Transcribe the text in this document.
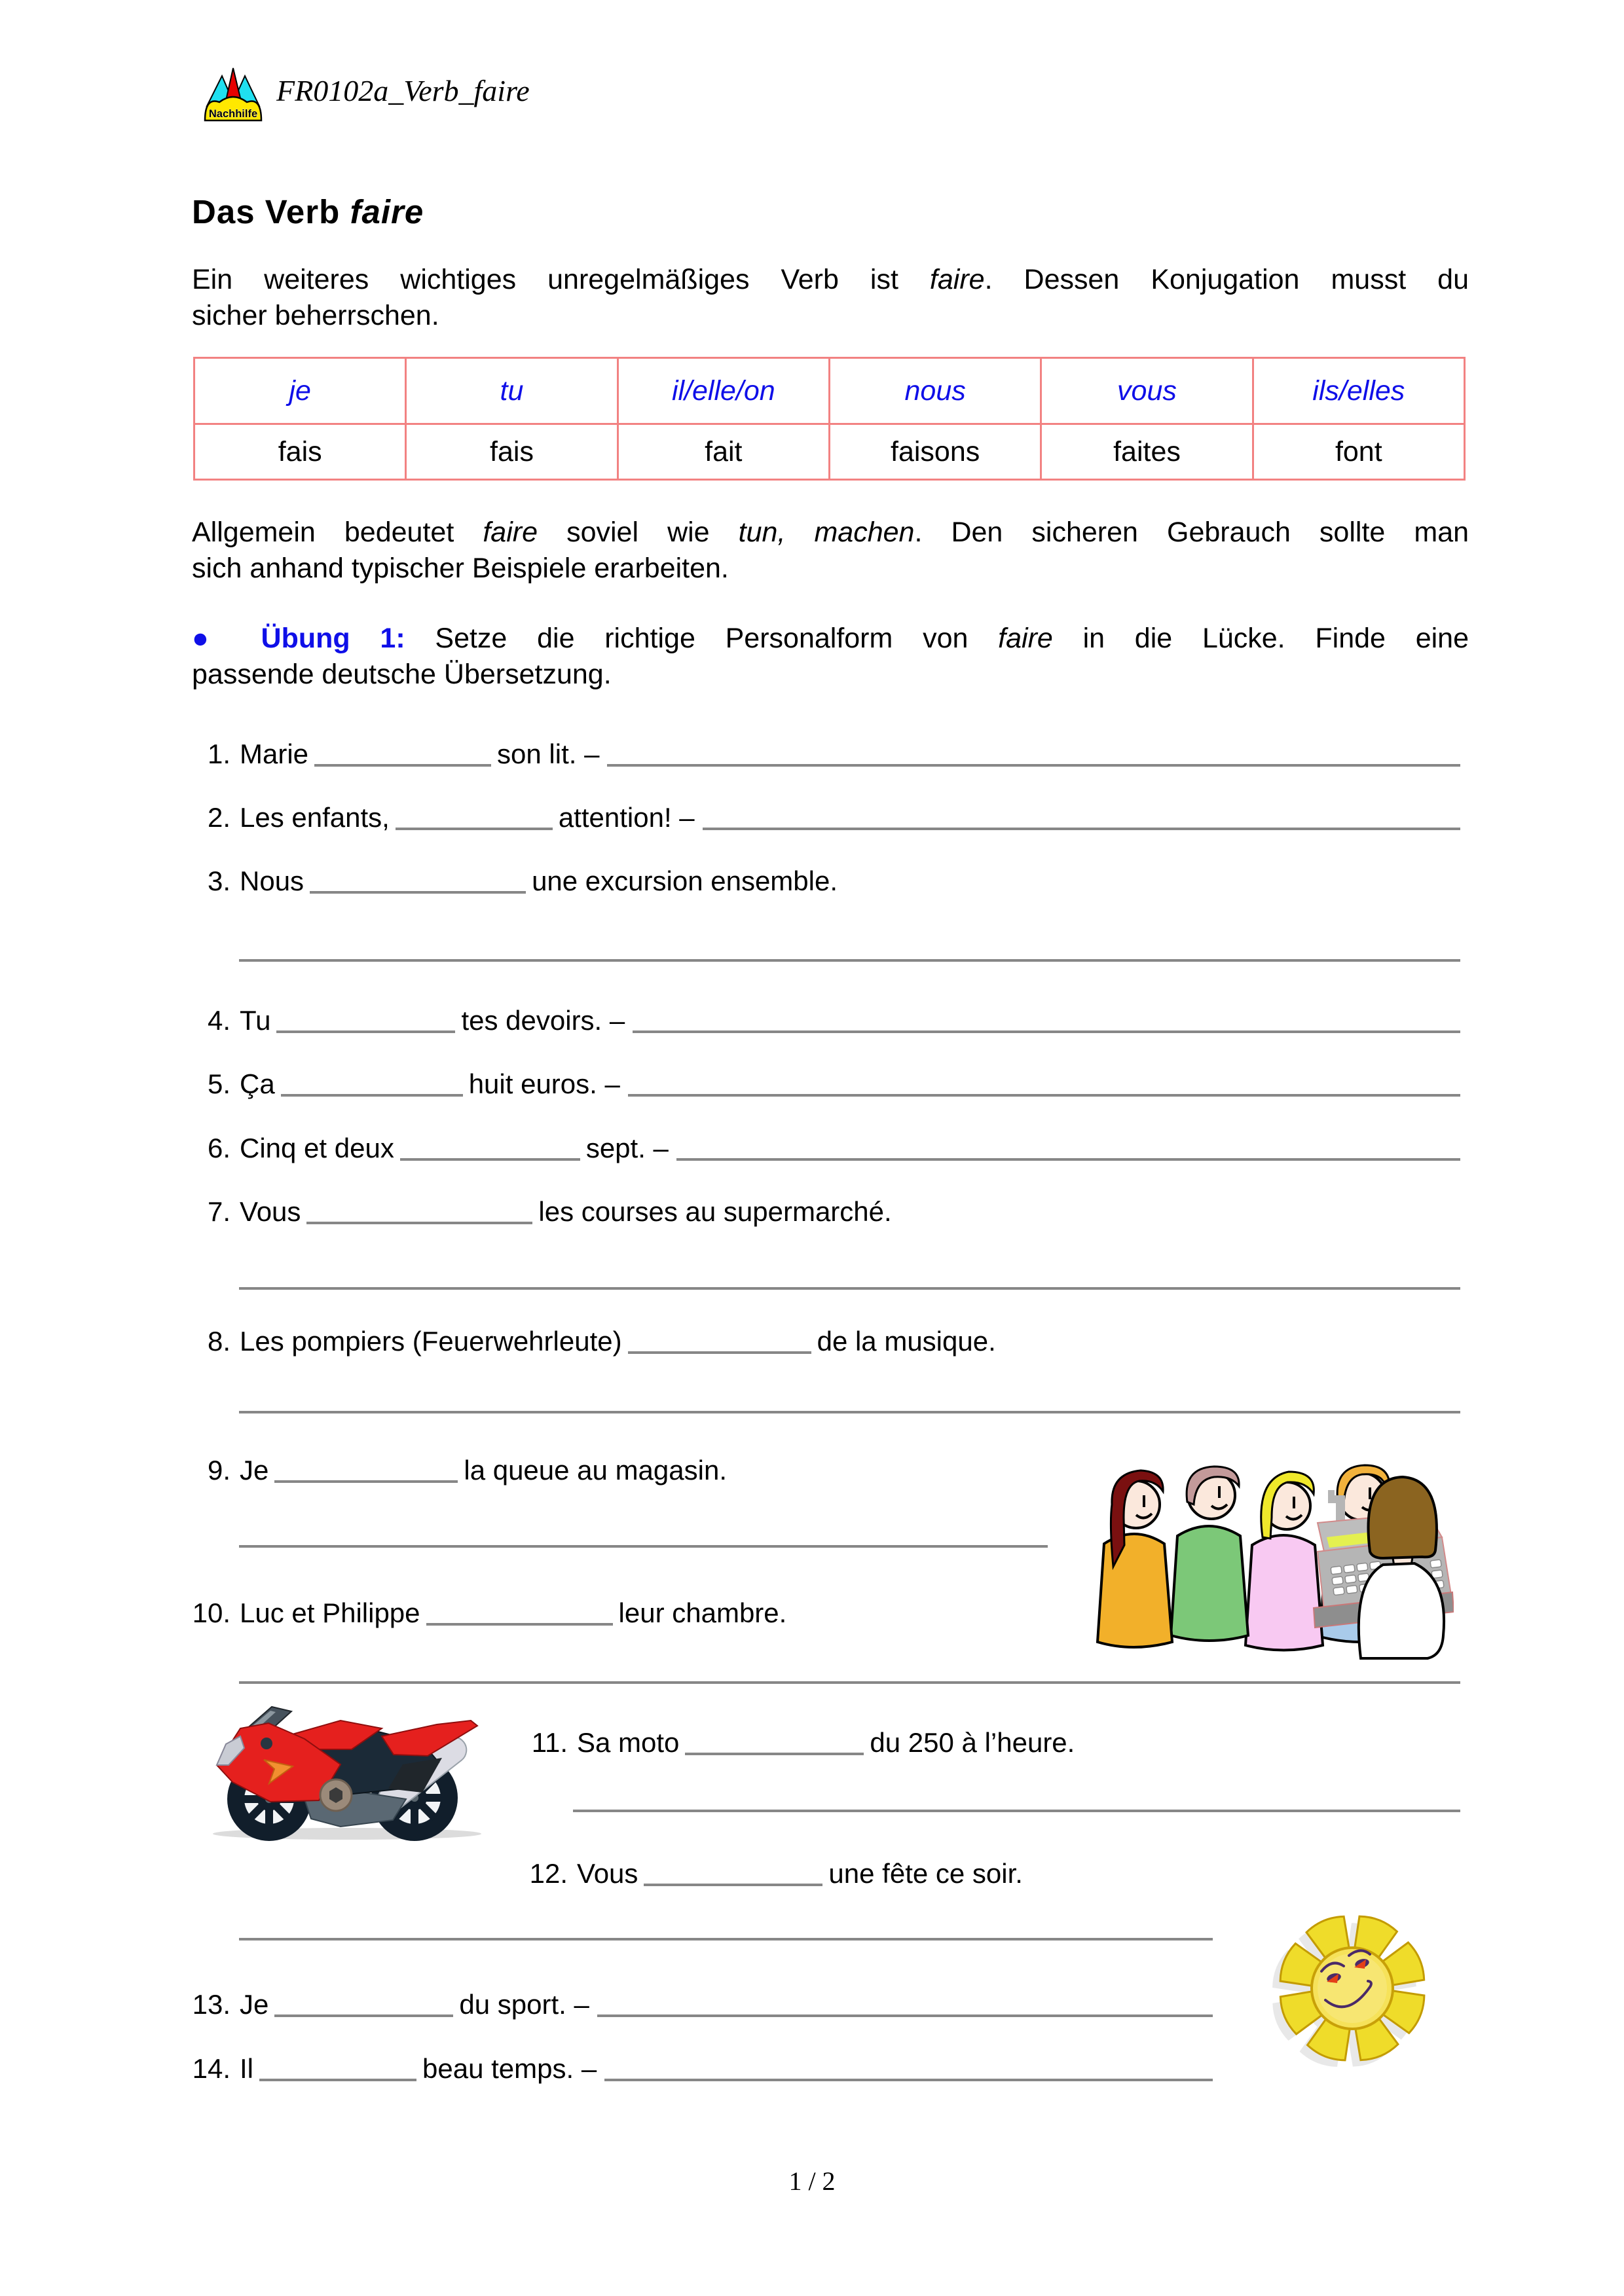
Nachhilfe
FR0102a_Verb_faire
Das Verb faire
Ein weiteres wichtiges unregelmäßiges Verb ist faire. Dessen Konjugation musst du
sicher beherrschen.
je	tu	il/elle/on	nous	vous	ils/elles
fais	fais	fait	faisons	faites	font
Allgemein bedeutet faire soviel wie tun, machen. Den sicheren Gebrauch sollte man
sich anhand typischer Beispiele erarbeiten.
● Übung 1: Setze die richtige Personalform von faire in die Lücke. Finde eine
passende deutsche Übersetzung.
1. Marie	son lit. –
2. Les enfants,	attention! –
3. Nous	une excursion ensemble.
4. Tu	tes devoirs. –
5. Ça	huit euros. –
6. Cinq et deux	sept. –
7. Vous	les courses au supermarché.
8. Les pompiers (Feuerwehrleute)	de la musique.
9. Je	la queue au magasin.
10. Luc et Philippe	leur chambre.
11. Sa moto	du 250 à l’heure.
12. Vous	une fête ce soir.
13. Je	du sport. –
14. Il	beau temps. –
1 / 2
